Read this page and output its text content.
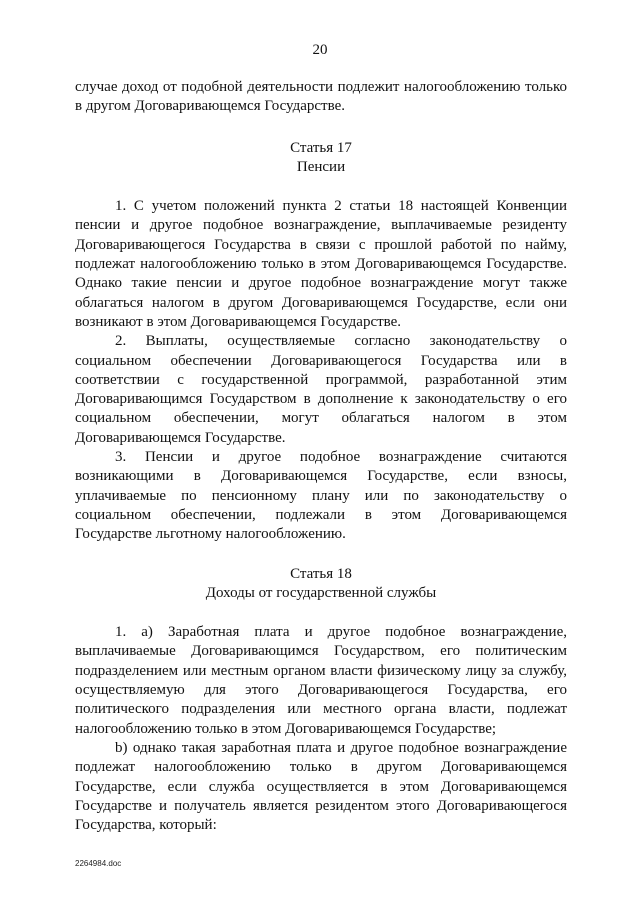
20

случае доход от подобной деятельности подлежит налогообложению только в другом Договаривающемся Государстве.

Статья 17

Пенсии

1. С учетом положений пункта 2 статьи 18 настоящей Конвенции пенсии и другое подобное вознаграждение, выплачиваемые резиденту Договаривающегося Государства в связи с прошлой работой по найму, подлежат налогообложению только в этом Договаривающемся Государстве. Однако такие пенсии и другое подобное вознаграждение могут также облагаться налогом в другом Договаривающемся Государстве, если они возникают в этом Договаривающемся Государстве.

2. Выплаты, осуществляемые согласно законодательству о социальном обеспечении Договаривающегося Государства или в соответствии с государственной программой, разработанной этим Договаривающимся Государством в дополнение к законодательству о его социальном обеспечении, могут облагаться налогом в этом Договаривающемся Государстве.

3. Пенсии и другое подобное вознаграждение считаются возникающими в Договаривающемся Государстве, если взносы, уплачиваемые по пенсионному плану или по законодательству о социальном обеспечении, подлежали в этом Договаривающемся Государстве льготному налогообложению.

Статья 18

Доходы от государственной службы

1. a) Заработная плата и другое подобное вознаграждение, выплачиваемые Договаривающимся Государством, его политическим подразделением или местным органом власти физическому лицу за службу, осуществляемую для этого Договаривающегося Государства, его политического подразделения или местного органа власти, подлежат налогообложению только в этом Договаривающемся Государстве;

b) однако такая заработная плата и другое подобное вознаграждение подлежат налогообложению только в другом Договаривающемся Государстве, если служба осуществляется в этом Договаривающемся Государстве и получатель является резидентом этого Договаривающегося Государства, который:

2264984.doc
